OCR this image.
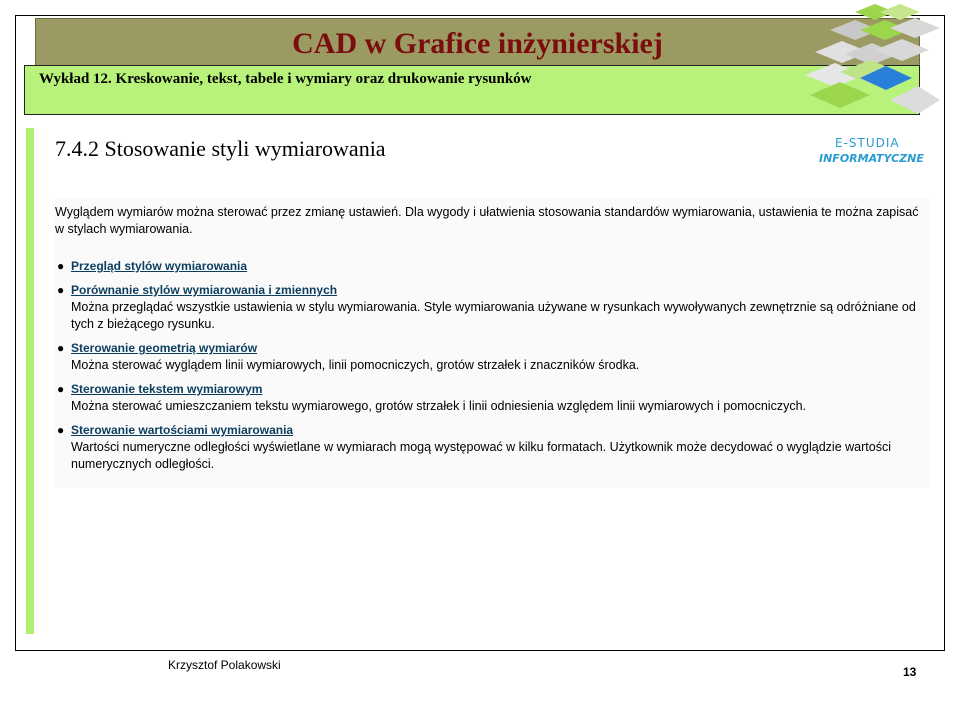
CAD w Grafice inżynierskiej
Wykład 12. Kreskowanie, tekst, tabele i wymiary oraz drukowanie rysunków
E-STUDIA
INFORMATYCZNE
7.4.2 Stosowanie styli wymiarowania

Wyglądem wymiarów można sterować przez zmianę ustawień. Dla wygody i ułatwienia stosowania standardów wymiarowania, ustawienia te można zapisać w stylach wymiarowania.

● Przegląd stylów wymiarowania
● Porównanie stylów wymiarowania i zmiennych
Można przeglądać wszystkie ustawienia w stylu wymiarowania. Style wymiarowania używane w rysunkach wywoływanych zewnętrznie są odróżniane od tych z bieżącego rysunku.
● Sterowanie geometrią wymiarów
Można sterować wyglądem linii wymiarowych, linii pomocniczych, grotów strzałek i znaczników środka.
● Sterowanie tekstem wymiarowym
Można sterować umieszczaniem tekstu wymiarowego, grotów strzałek i linii odniesienia względem linii wymiarowych i pomocniczych.
● Sterowanie wartościami wymiarowania
Wartości numeryczne odległości wyświetlane w wymiarach mogą występować w kilku formatach. Użytkownik może decydować o wyglądzie wartości numerycznych odległości.
Krzysztof Polakowski	13
